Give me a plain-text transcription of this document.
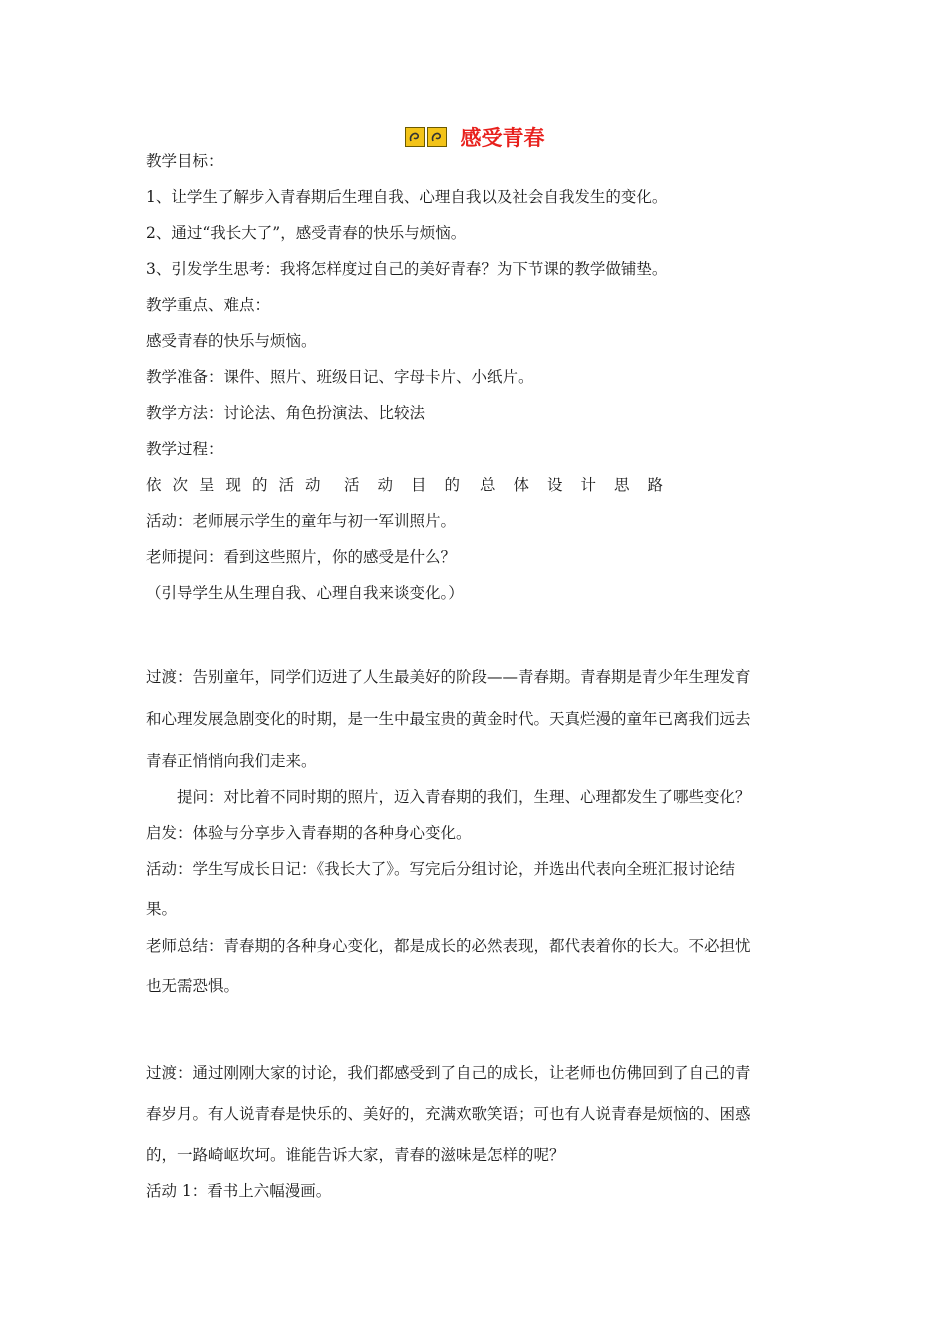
感受青春
教学目标：
1、让学生了解步入青春期后生理自我、心理自我以及社会自我发生的变化。
2、通过“我长大了”，感受青春的快乐与烦恼。
3、引发学生思考：我将怎样度过自己的美好青春？为下节课的教学做铺垫。
教学重点、难点：
感受青春的快乐与烦恼。
教学准备：课件、照片、班级日记、字母卡片、小纸片。
教学方法：讨论法、角色扮演法、比较法
教学过程：
依次呈现的活动 活动目的 总体设计思路
活动：老师展示学生的童年与初一军训照片。
老师提问：看到这些照片，你的感受是什么？
（引导学生从生理自我、心理自我来谈变化。）
过渡：告别童年，同学们迈进了人生最美好的阶段——青春期。青春期是青少年生理发育
和心理发展急剧变化的时期，是一生中最宝贵的黄金时代。天真烂漫的童年已离我们远去
青春正悄悄向我们走来。
提问：对比着不同时期的照片，迈入青春期的我们，生理、心理都发生了哪些变化？
启发：体验与分享步入青春期的各种身心变化。
活动：学生写成长日记：《我长大了》。写完后分组讨论，并选出代表向全班汇报讨论结
果。
老师总结：青春期的各种身心变化，都是成长的必然表现，都代表着你的长大。不必担忧
也无需恐惧。
过渡：通过刚刚大家的讨论，我们都感受到了自己的成长，让老师也仿佛回到了自己的青
春岁月。有人说青春是快乐的、美好的，充满欢歌笑语；可也有人说青春是烦恼的、困惑
的，一路崎岖坎坷。谁能告诉大家，青春的滋味是怎样的呢？
活动 1：看书上六幅漫画。
